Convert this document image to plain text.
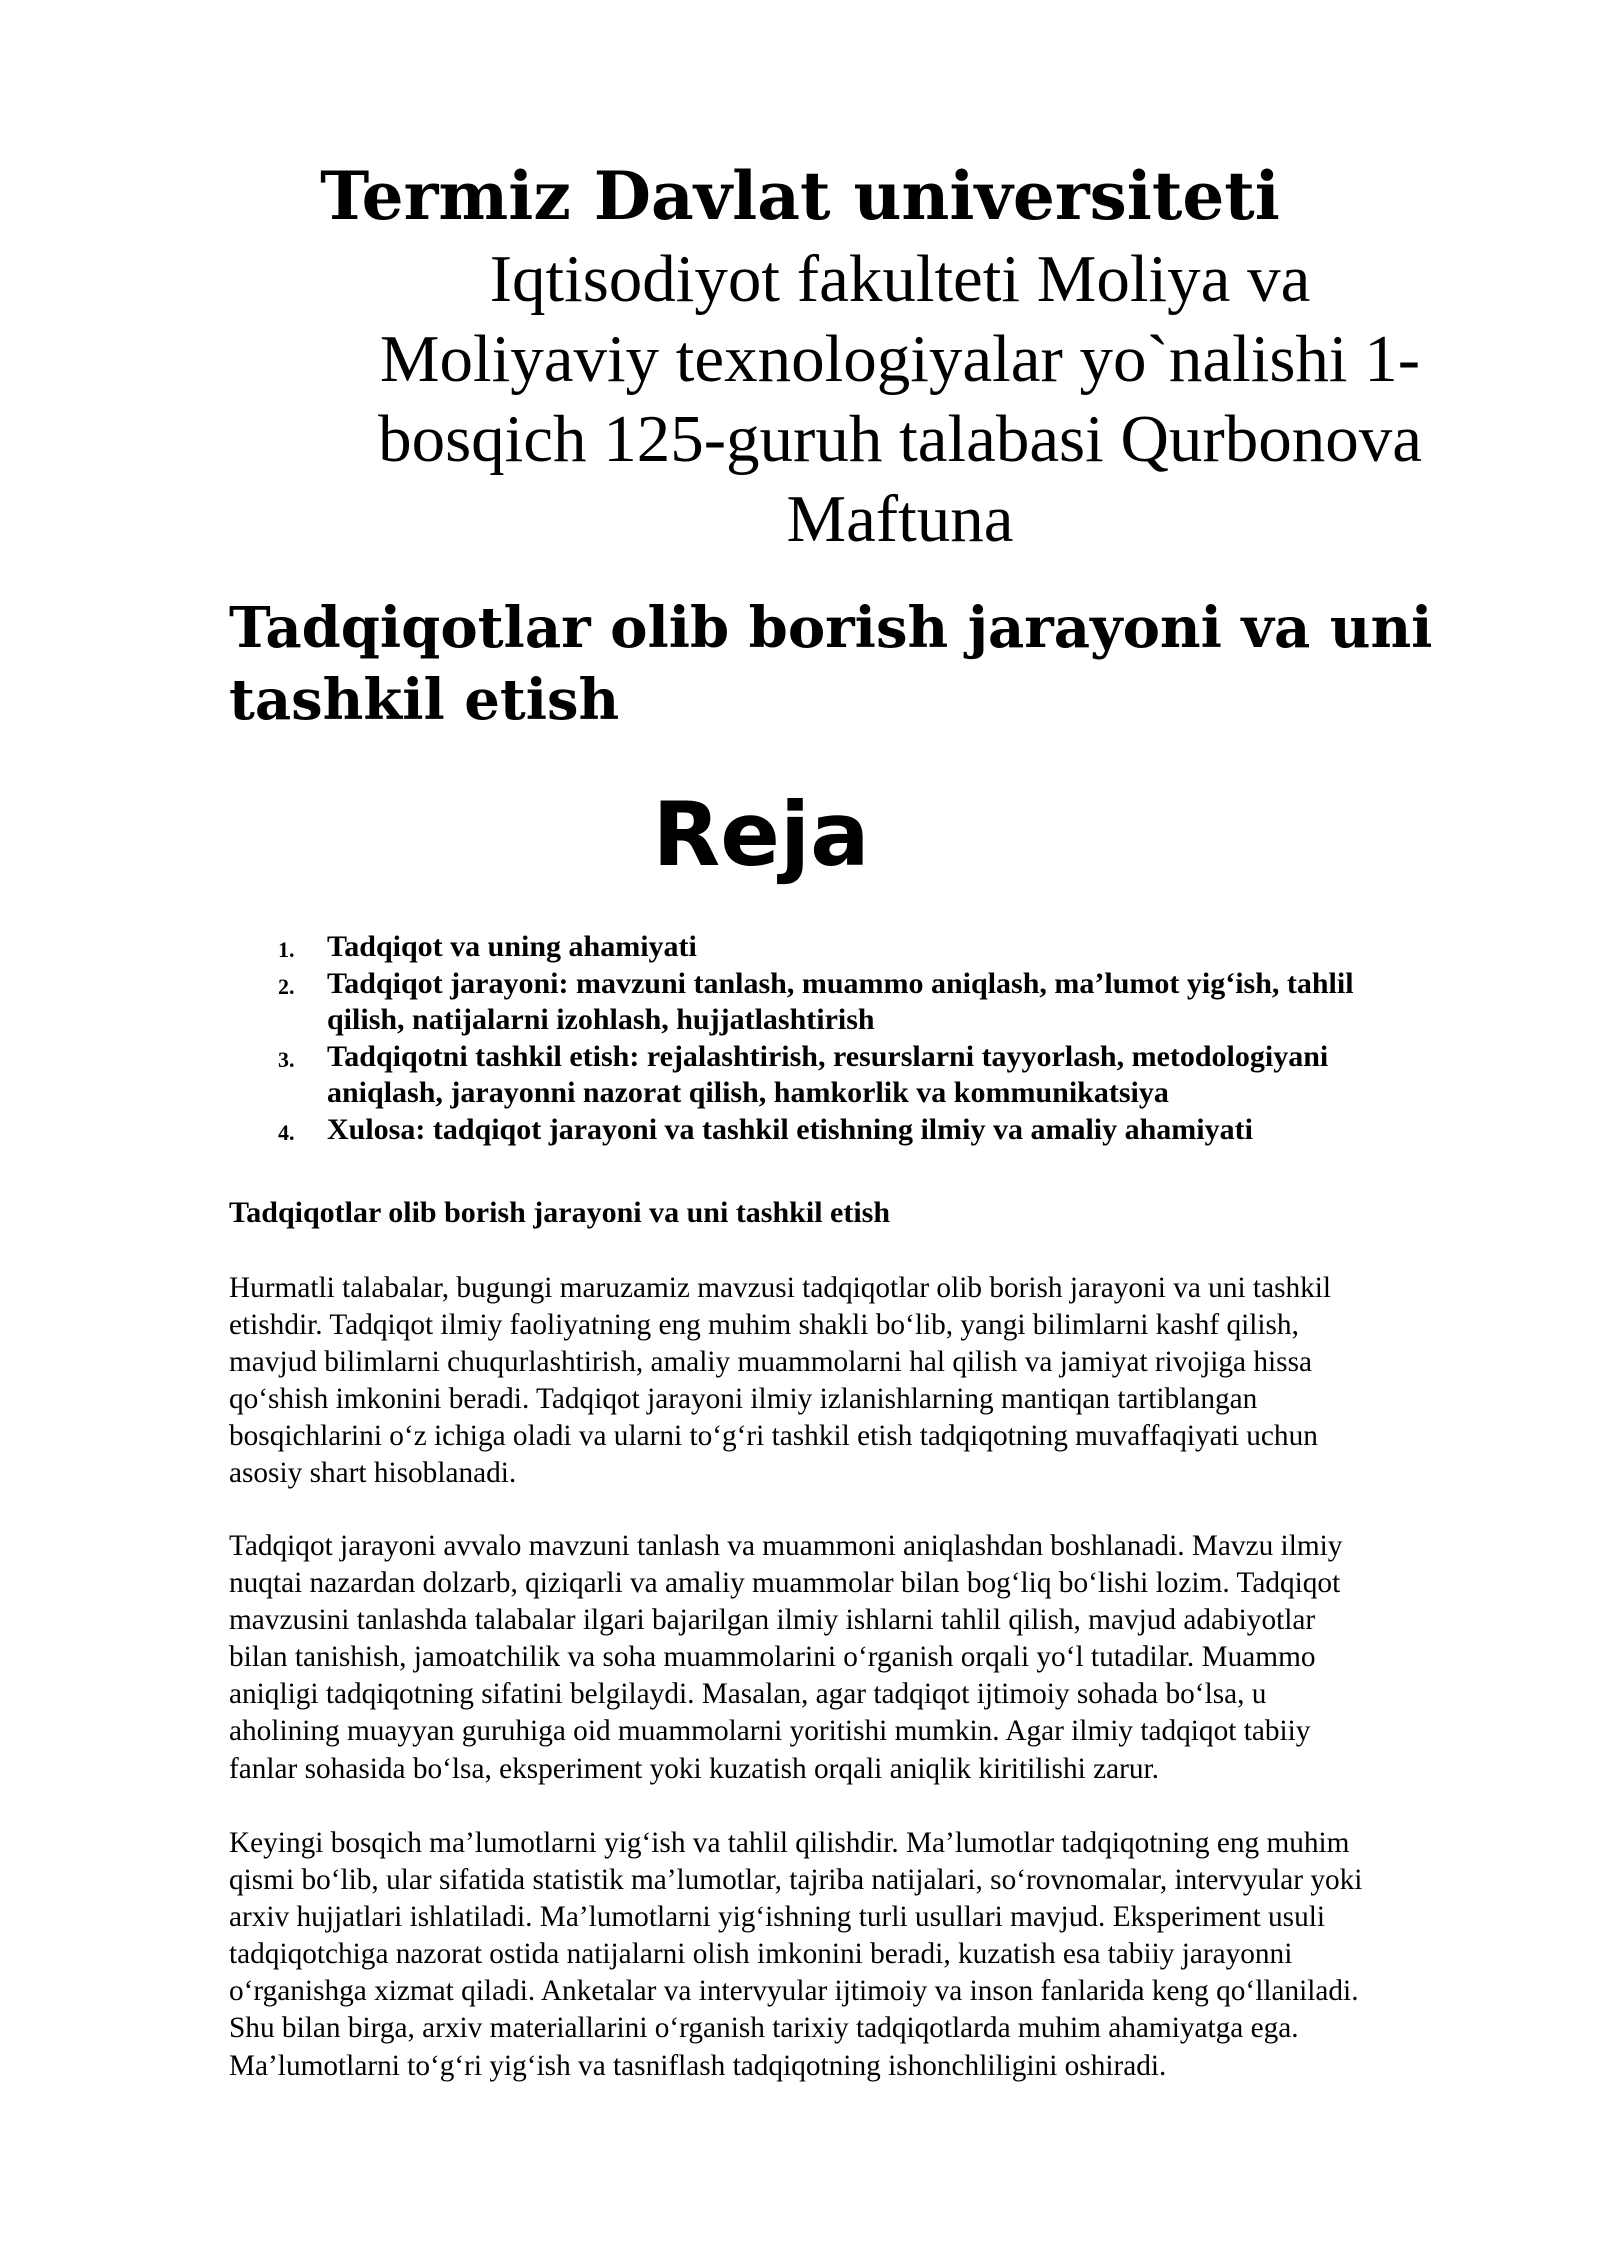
Termiz Davlat universiteti
Iqtisodiyot fakulteti Moliya va
Moliyaviy texnologiyalar yo`nalishi 1-
bosqich 125-guruh talabasi Qurbonova
Maftuna
Tadqiqotlar olib borish jarayoni va uni
tashkil etish
Reja
1. Tadqiqot va uning ahamiyati
2. Tadqiqot jarayoni: mavzuni tanlash, muammo aniqlash, ma’lumot yig‘ish, tahlil
qilish, natijalarni izohlash, hujjatlashtirish
3. Tadqiqotni tashkil etish: rejalashtirish, resurslarni tayyorlash, metodologiyani
aniqlash, jarayonni nazorat qilish, hamkorlik va kommunikatsiya
4. Xulosa: tadqiqot jarayoni va tashkil etishning ilmiy va amaliy ahamiyati
Tadqiqotlar olib borish jarayoni va uni tashkil etish

Hurmatli talabalar, bugungi maruzamiz mavzusi tadqiqotlar olib borish jarayoni va uni tashkil
etishdir. Tadqiqot ilmiy faoliyatning eng muhim shakli bo‘lib, yangi bilimlarni kashf qilish,
mavjud bilimlarni chuqurlashtirish, amaliy muammolarni hal qilish va jamiyat rivojiga hissa
qo‘shish imkonini beradi. Tadqiqot jarayoni ilmiy izlanishlarning mantiqan tartiblangan
bosqichlarini o‘z ichiga oladi va ularni to‘g‘ri tashkil etish tadqiqotning muvaffaqiyati uchun
asosiy shart hisoblanadi.

Tadqiqot jarayoni avvalo mavzuni tanlash va muammoni aniqlashdan boshlanadi. Mavzu ilmiy
nuqtai nazardan dolzarb, qiziqarli va amaliy muammolar bilan bog‘liq bo‘lishi lozim. Tadqiqot
mavzusini tanlashda talabalar ilgari bajarilgan ilmiy ishlarni tahlil qilish, mavjud adabiyotlar
bilan tanishish, jamoatchilik va soha muammolarini o‘rganish orqali yo‘l tutadilar. Muammo
aniqligi tadqiqotning sifatini belgilaydi. Masalan, agar tadqiqot ijtimoiy sohada bo‘lsa, u
aholining muayyan guruhiga oid muammolarni yoritishi mumkin. Agar ilmiy tadqiqot tabiiy
fanlar sohasida bo‘lsa, eksperiment yoki kuzatish orqali aniqlik kiritilishi zarur.

Keyingi bosqich ma’lumotlarni yig‘ish va tahlil qilishdir. Ma’lumotlar tadqiqotning eng muhim
qismi bo‘lib, ular sifatida statistik ma’lumotlar, tajriba natijalari, so‘rovnomalar, intervyular yoki
arxiv hujjatlari ishlatiladi. Ma’lumotlarni yig‘ishning turli usullari mavjud. Eksperiment usuli
tadqiqotchiga nazorat ostida natijalarni olish imkonini beradi, kuzatish esa tabiiy jarayonni
o‘rganishga xizmat qiladi. Anketalar va intervyular ijtimoiy va inson fanlarida keng qo‘llaniladi.
Shu bilan birga, arxiv materiallarini o‘rganish tarixiy tadqiqotlarda muhim ahamiyatga ega.
Ma’lumotlarni to‘g‘ri yig‘ish va tasniflash tadqiqotning ishonchliligini oshiradi.
